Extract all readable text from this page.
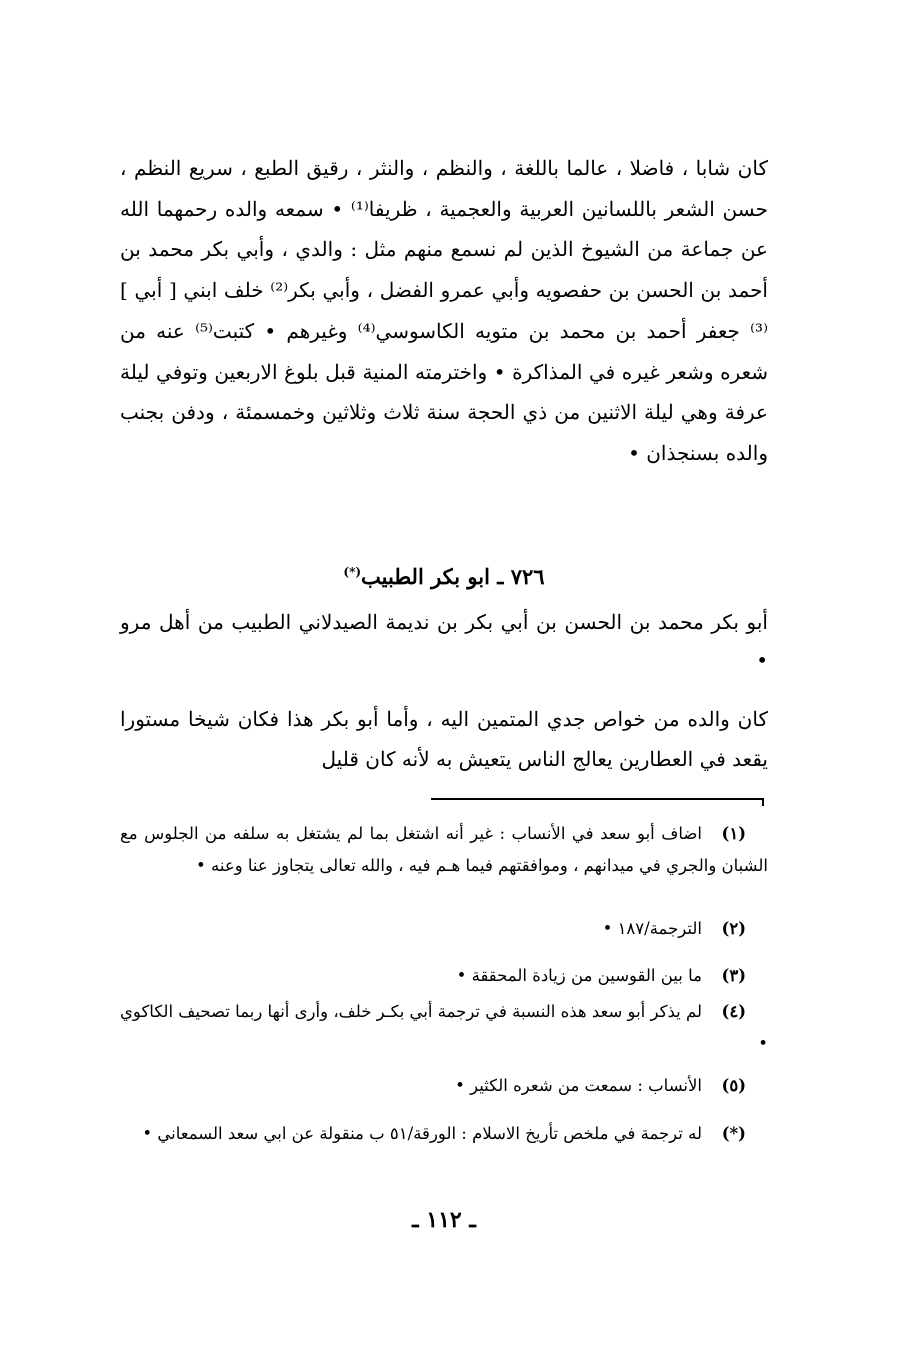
كان شابا ، فاضلا ، عالما باللغة ، والنظم ، والنثر ، رقيق الطبع ، سريع النظم ، حسن الشعر باللسانين العربية والعجمية ، ظريفا⁽¹⁾ • سمعه والده رحمهما الله عن جماعة من الشيوخ الذين لم نسمع منهم مثل : والدي ، وأبي بكر محمد بن أحمد بن الحسن بن حفصويه وأبي عمرو الفضل ، وأبي بكر⁽²⁾ خلف ابني [ أبي ]⁽³⁾ جعفر أحمد بن محمد بن متويه الكاسوسي⁽⁴⁾ وغيرهم • كتبت⁽⁵⁾ عنه من شعره وشعر غيره في المذاكرة • واخترمته المنية قبل بلوغ الاربعين وتوفي ليلة عرفة وهي ليلة الاثنين من ذي الحجة سنة ثلاث وثلاثين وخمسمئة ، ودفن بجنب والده بسنجذان •

٧٢٦ ـ ابو بكر الطبيب(*)

أبو بكر محمد بن الحسن بن أبي بكر بن نديمة الصيدلاني الطبيب من أهل مرو •

كان والده من خواص جدي المتمين اليه ، وأما أبو بكر هذا فكان شيخا مستورا يقعد في العطارين يعالج الناس يتعيش به لأنه كان قليل

(١)اضاف أبو سعد في الأنساب : غير أنه اشتغل بما لم يشتغل به سلفه من الجلوس مع الشبان والجري في ميدانهم ، وموافقتهم فيما هـم فيه ، والله تعالى يتجاوز عنا وعنه •

(٢)الترجمة/١٨٧ •

(٣)ما بين القوسين من زيادة المحققة •

(٤)لم يذكر أبو سعد هذه النسبة في ترجمة أبي بكـر خلف، وأرى أنها ربما تصحيف الكاكوي •

(٥)الأنساب : سمعت من شعره الكثير •

(*)له ترجمة في ملخص تأريخ الاسلام : الورقة/٥١ ب منقولة عن ابي سعد السمعاني •

ـ ١١٢ ـ
